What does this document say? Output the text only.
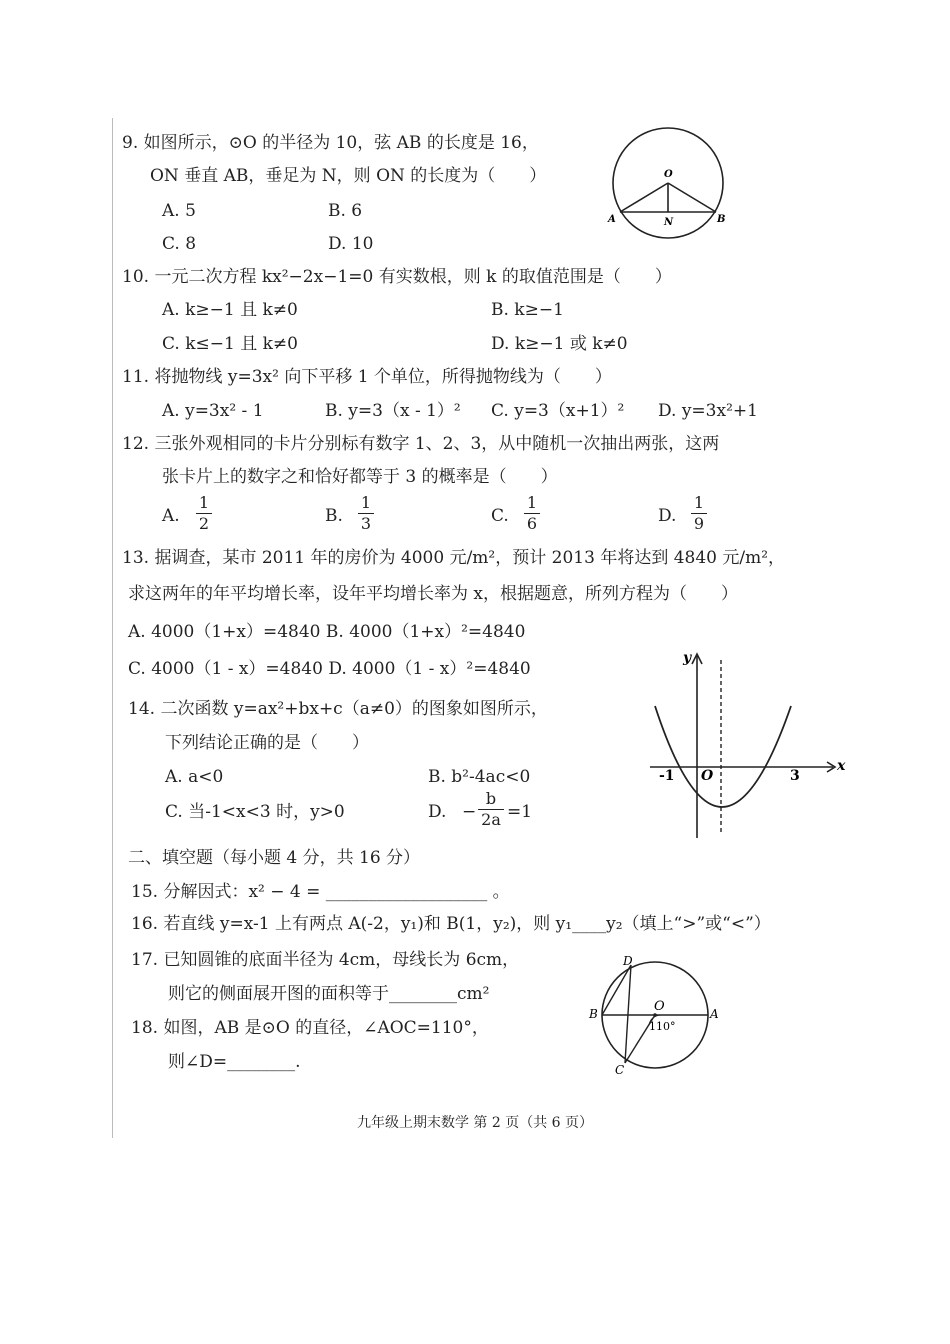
9. 如图所示，⊙O 的半径为 10，弦 AB 的长度是 16，
ON 垂直 AB，垂足为 N，则 ON 的长度为（　　）
A. 5	B. 6
C. 8	D. 10
O
A	B
N
10. 一元二次方程 kx²−2x−1=0 有实数根，则 k 的取值范围是（　　）
A. k≥−1 且 k≠0	B. k≥−1
C. k≤−1 且 k≠0	D. k≥−1 或 k≠0
11. 将抛物线 y=3x² 向下平移 1 个单位，所得抛物线为（　　）
A. y=3x² - 1	B. y=3（x - 1）² C. y=3（x+1）² D. y=3x²+1
12. 三张外观相同的卡片分别标有数字 1、2、3，从中随机一次抽出两张，这两
张卡片上的数字之和恰好都等于 3 的概率是（　　）
A.
1
2	B.
1
3	C.
1
6	D.
1
9
13. 据调查，某市 2011 年的房价为 4000 元/m²，预计 2013 年将达到 4840 元/m²，
求这两年的年平均增长率，设年平均增长率为 x，根据题意，所列方程为（　　）
A. 4000（1+x）=4840 B. 4000（1+x）²=4840
C. 4000（1 - x）=4840 D. 4000（1 - x）²=4840
14. 二次函数 y=ax²+bx+c（a≠0）的图象如图所示，
下列结论正确的是（　　）
A. a<0	B. b²-4ac<0
C. 当-1<x<3 时，y>0	D. −
b
2a =1
x
y
-1 O	3
二、填空题（每小题 4 分，共 16 分）
15. 分解因式：x² − 4 = ___________________ 。
16. 若直线 y=x-1 上有两点 A(-2，y₁)和 B(1，y₂)，则 y₁____y₂（填上“>”或“<”）
17. 已知圆锥的底面半径为 4cm，母线长为 6cm，
则它的侧面展开图的面积等于________cm²
18. 如图，AB 是⊙O 的直径，∠AOC=110°，
则∠D=________.
D
B	O	A
C
110°
九年级上期末数学 第 2 页（共 6 页）
